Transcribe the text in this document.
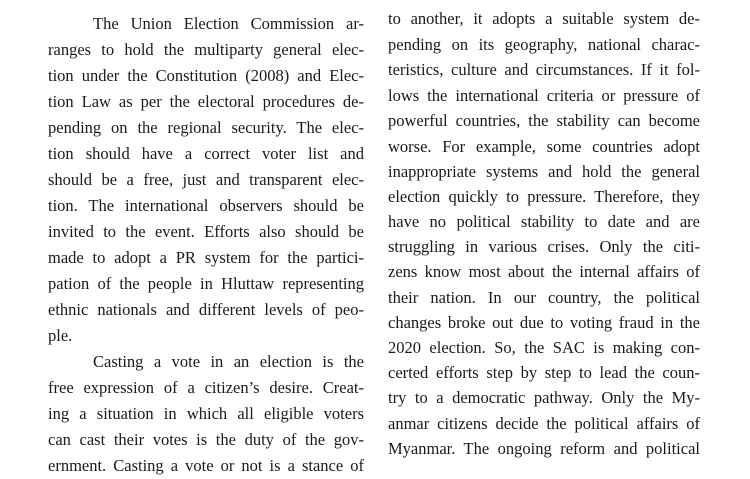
The Union Election Commission ar-
ranges to hold the multiparty general elec-
tion under the Constitution (2008) and Elec-
tion Law as per the electoral procedures de-
pending on the regional security. The elec-
tion should have a correct voter list and
should be a free, just and transparent elec-
tion. The international observers should be
invited to the event. Efforts also should be
made to adopt a PR system for the partici-
pation of the people in Hluttaw representing
ethnic nationals and different levels of peo-
ple.
Casting a vote in an election is the
free expression of a citizen’s desire. Creat-
ing a situation in which all eligible voters
can cast their votes is the duty of the gov-
ernment. Casting a vote or not is a stance of
to another, it adopts a suitable system de-
pending on its geography, national charac-
teristics, culture and circumstances. If it fol-
lows the international criteria or pressure of
powerful countries, the stability can become
worse. For example, some countries adopt
inappropriate systems and hold the general
election quickly to pressure. Therefore, they
have no political stability to date and are
struggling in various crises. Only the citi-
zens know most about the internal affairs of
their nation. In our country, the political
changes broke out due to voting fraud in the
2020 election. So, the SAC is making con-
certed efforts step by step to lead the coun-
try to a democratic pathway. Only the My-
anmar citizens decide the political affairs of
Myanmar. The ongoing reform and political
